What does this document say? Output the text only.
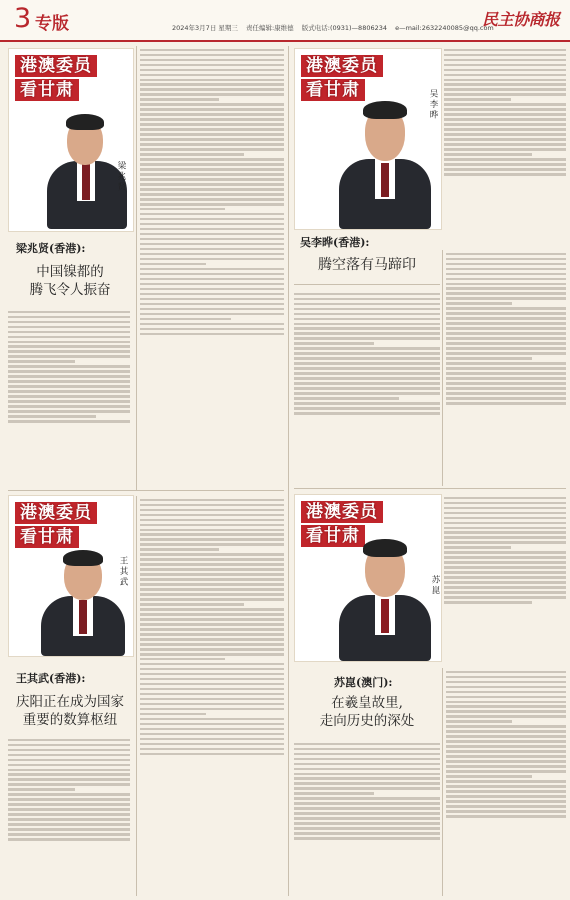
3 专版	2024年3月7日 星期三 责任编辑:康维德 版式电话:(0931)—8806234 e—mail:2632240085@qq.com
民主协商报
港澳委员
看甘肃
梁兆贤
梁兆贤(香港):
中国镍都的
腾飞令人振奋
港澳委员
看甘肃	吴李晔
吴李晔(香港):
腾空落有马蹄印
港澳委员
看甘肃
王其武
王其武(香港):
庆阳正在成为国家
重要的数算枢纽
港澳委员
看甘肃
苏崑
苏崑(澳门):
在羲皇故里,
走向历史的深处
